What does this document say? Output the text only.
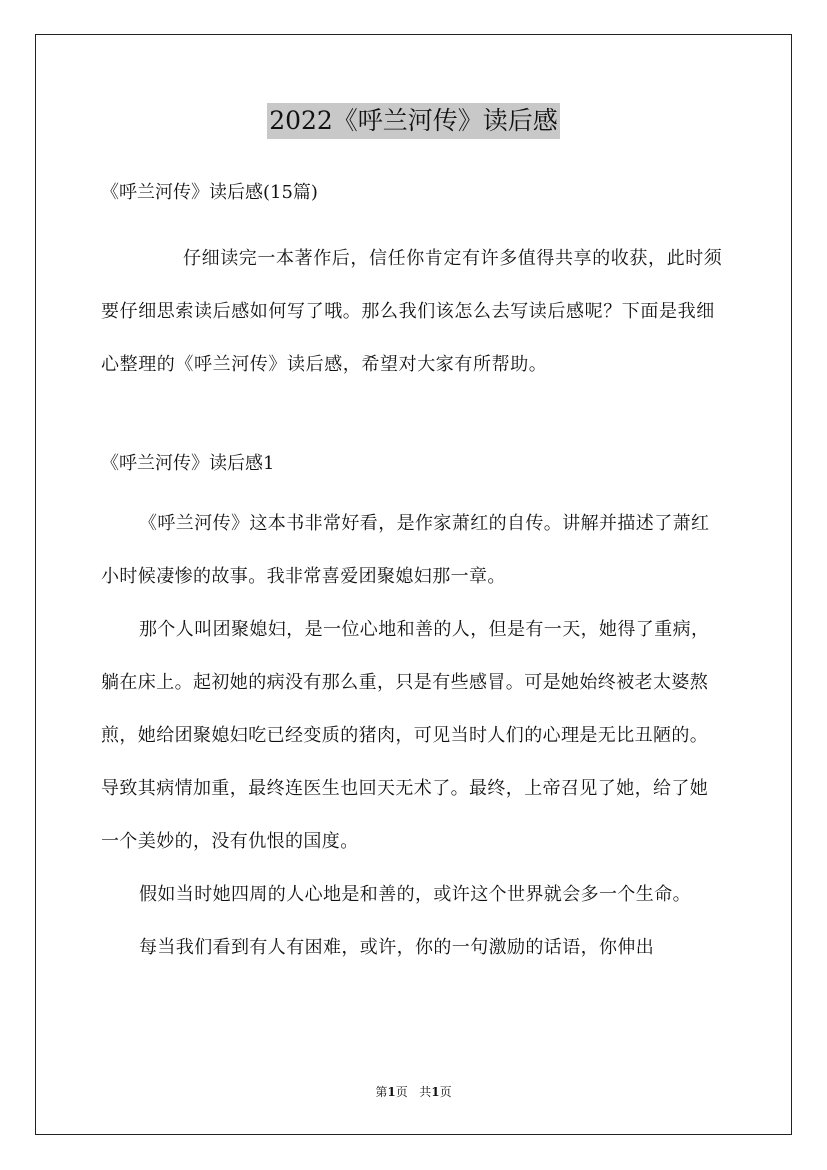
2022《呼兰河传》读后感

《呼兰河传》读后感(15篇)

仔细读完一本著作后，信任你肯定有许多值得共享的收获，此时须要仔细思索读后感如何写了哦。那么我们该怎么去写读后感呢？下面是我细心整理的《呼兰河传》读后感，希望对大家有所帮助。

《呼兰河传》读后感1

《呼兰河传》这本书非常好看，是作家萧红的自传。讲解并描述了萧红小时候凄惨的故事。我非常喜爱团聚媳妇那一章。

那个人叫团聚媳妇，是一位心地和善的人，但是有一天，她得了重病，躺在床上。起初她的病没有那么重，只是有些感冒。可是她始终被老太婆熬煎，她给团聚媳妇吃已经变质的猪肉，可见当时人们的心理是无比丑陋的。导致其病情加重，最终连医生也回天无术了。最终，上帝召见了她，给了她一个美妙的，没有仇恨的国度。

假如当时她四周的人心地是和善的，或许这个世界就会多一个生命。

每当我们看到有人有困难，或许，你的一句激励的话语，你伸出

第1页 共1页
